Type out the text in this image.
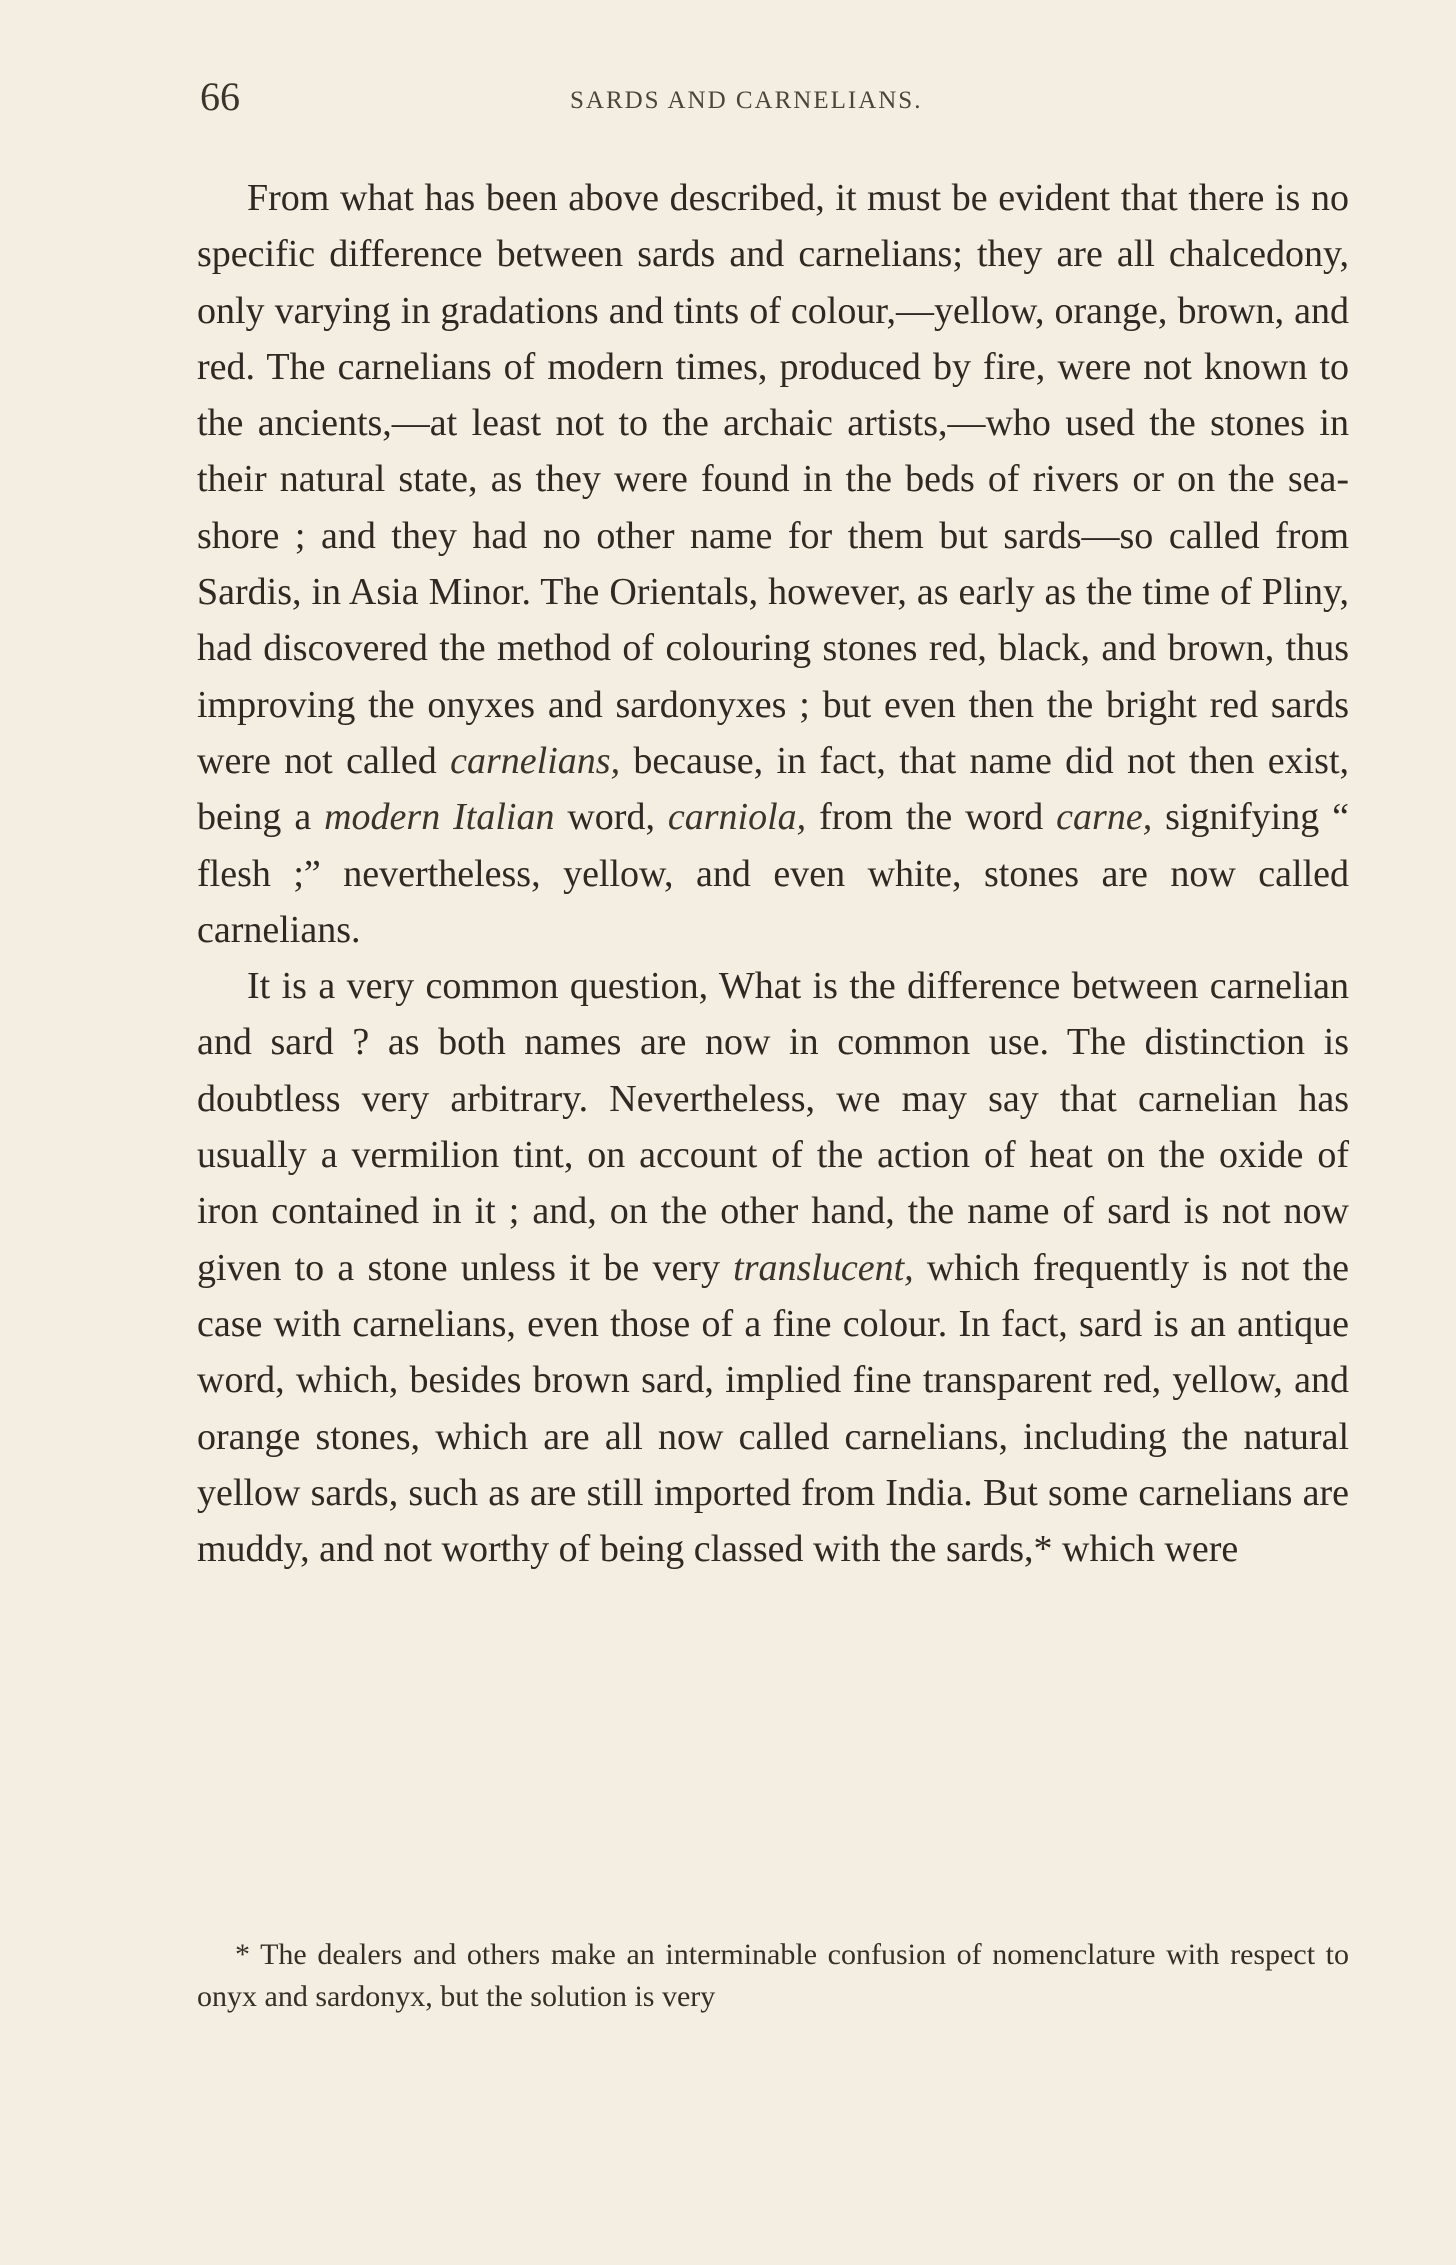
66	SARDS AND CARNELIANS.

From what has been above described, it must be evident that there is no specific difference between sards and carnelians; they are all chalcedony, only varying in gradations and tints of colour,—yellow, orange, brown, and red. The carnelians of modern times, produced by fire, were not known to the ancients,—at least not to the archaic artists,—who used the stones in their natural state, as they were found in the beds of rivers or on the sea-shore ; and they had no other name for them but sards—so called from Sardis, in Asia Minor. The Orientals, however, as early as the time of Pliny, had discovered the method of colouring stones red, black, and brown, thus improving the onyxes and sardonyxes ; but even then the bright red sards were not called carnelians, because, in fact, that name did not then exist, being a modern Italian word, carniola, from the word carne, signifying “ flesh ;” nevertheless, yellow, and even white, stones are now called carnelians.

It is a very common question, What is the difference between carnelian and sard ? as both names are now in common use. The distinction is doubtless very arbitrary. Nevertheless, we may say that carnelian has usually a vermilion tint, on account of the action of heat on the oxide of iron contained in it ; and, on the other hand, the name of sard is not now given to a stone unless it be very translucent, which frequently is not the case with carnelians, even those of a fine colour. In fact, sard is an antique word, which, besides brown sard, implied fine transparent red, yellow, and orange stones, which are all now called carnelians, including the natural yellow sards, such as are still imported from India. But some carnelians are muddy, and not worthy of being classed with the sards,* which were

* The dealers and others make an interminable confusion of nomenclature with respect to onyx and sardonyx, but the solution is very
